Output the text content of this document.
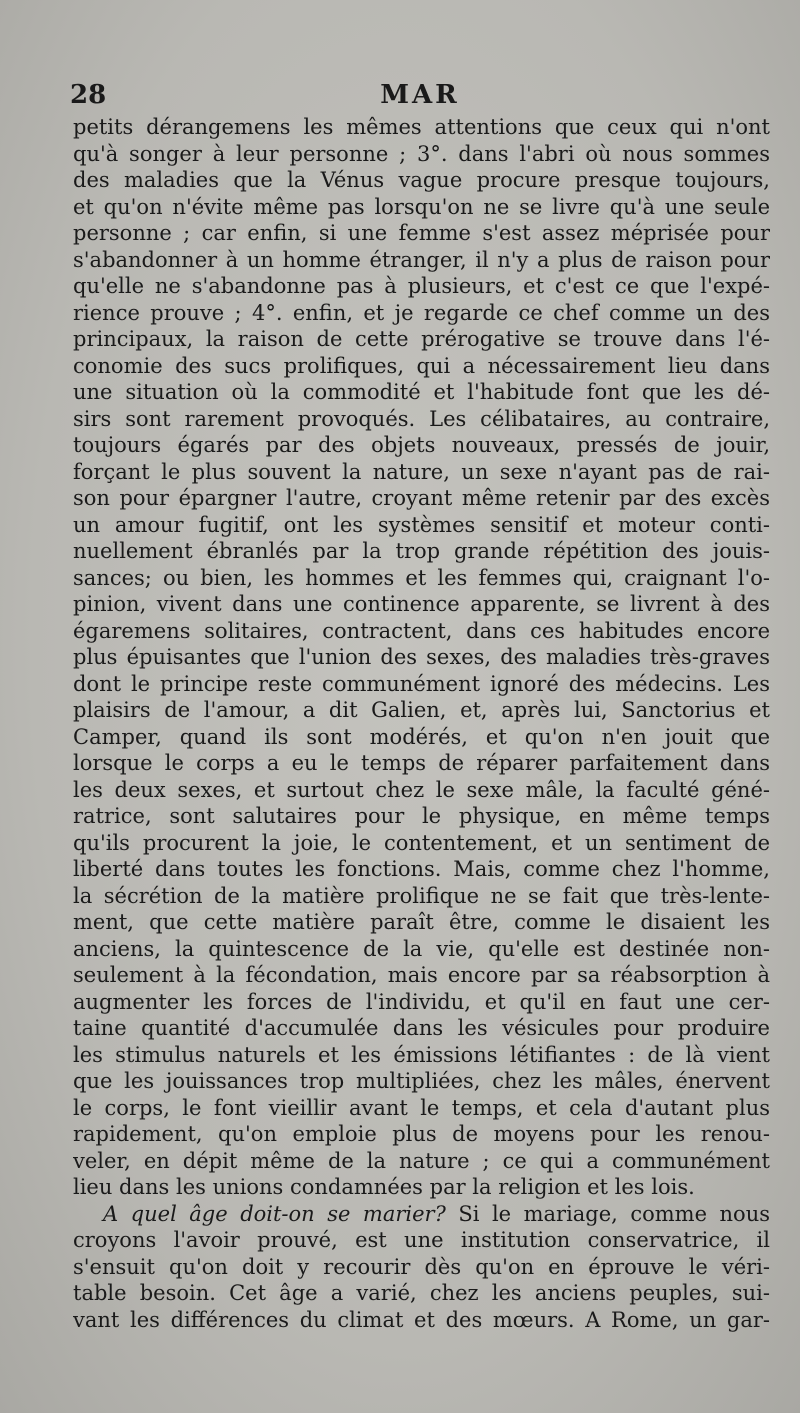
28	MAR
petits dérangemens les mêmes attentions que ceux qui n'ont
qu'à songer à leur personne ; 3°. dans l'abri où nous sommes
des maladies que la Vénus vague procure presque toujours,
et qu'on n'évite même pas lorsqu'on ne se livre qu'à une seule
personne ; car enfin, si une femme s'est assez méprisée pour
s'abandonner à un homme étranger, il n'y a plus de raison pour
qu'elle ne s'abandonne pas à plusieurs, et c'est ce que l'expé-
rience prouve ; 4°. enfin, et je regarde ce chef comme un des
principaux, la raison de cette prérogative se trouve dans l'é-
conomie des sucs prolifiques, qui a nécessairement lieu dans
une situation où la commodité et l'habitude font que les dé-
sirs sont rarement provoqués. Les célibataires, au contraire,
toujours égarés par des objets nouveaux, pressés de jouir,
forçant le plus souvent la nature, un sexe n'ayant pas de rai-
son pour épargner l'autre, croyant même retenir par des excès
un amour fugitif, ont les systèmes sensitif et moteur conti-
nuellement ébranlés par la trop grande répétition des jouis-
sances; ou bien, les hommes et les femmes qui, craignant l'o-
pinion, vivent dans une continence apparente, se livrent à des
égaremens solitaires, contractent, dans ces habitudes encore
plus épuisantes que l'union des sexes, des maladies très-graves
dont le principe reste communément ignoré des médecins. Les
plaisirs de l'amour, a dit Galien, et, après lui, Sanctorius et
Camper, quand ils sont modérés, et qu'on n'en jouit que
lorsque le corps a eu le temps de réparer parfaitement dans
les deux sexes, et surtout chez le sexe mâle, la faculté géné-
ratrice, sont salutaires pour le physique, en même temps
qu'ils procurent la joie, le contentement, et un sentiment de
liberté dans toutes les fonctions. Mais, comme chez l'homme,
la sécrétion de la matière prolifique ne se fait que très-lente-
ment, que cette matière paraît être, comme le disaient les
anciens, la quintescence de la vie, qu'elle est destinée non-
seulement à la fécondation, mais encore par sa réabsorption à
augmenter les forces de l'individu, et qu'il en faut une cer-
taine quantité d'accumulée dans les vésicules pour produire
les stimulus naturels et les émissions létifiantes : de là vient
que les jouissances trop multipliées, chez les mâles, énervent
le corps, le font vieillir avant le temps, et cela d'autant plus
rapidement, qu'on emploie plus de moyens pour les renou-
veler, en dépit même de la nature ; ce qui a communément
lieu dans les unions condamnées par la religion et les lois.
A quel âge doit-on se marier? Si le mariage, comme nous
croyons l'avoir prouvé, est une institution conservatrice, il
s'ensuit qu'on doit y recourir dès qu'on en éprouve le véri-
table besoin. Cet âge a varié, chez les anciens peuples, sui-
vant les différences du climat et des mœurs. A Rome, un gar-
